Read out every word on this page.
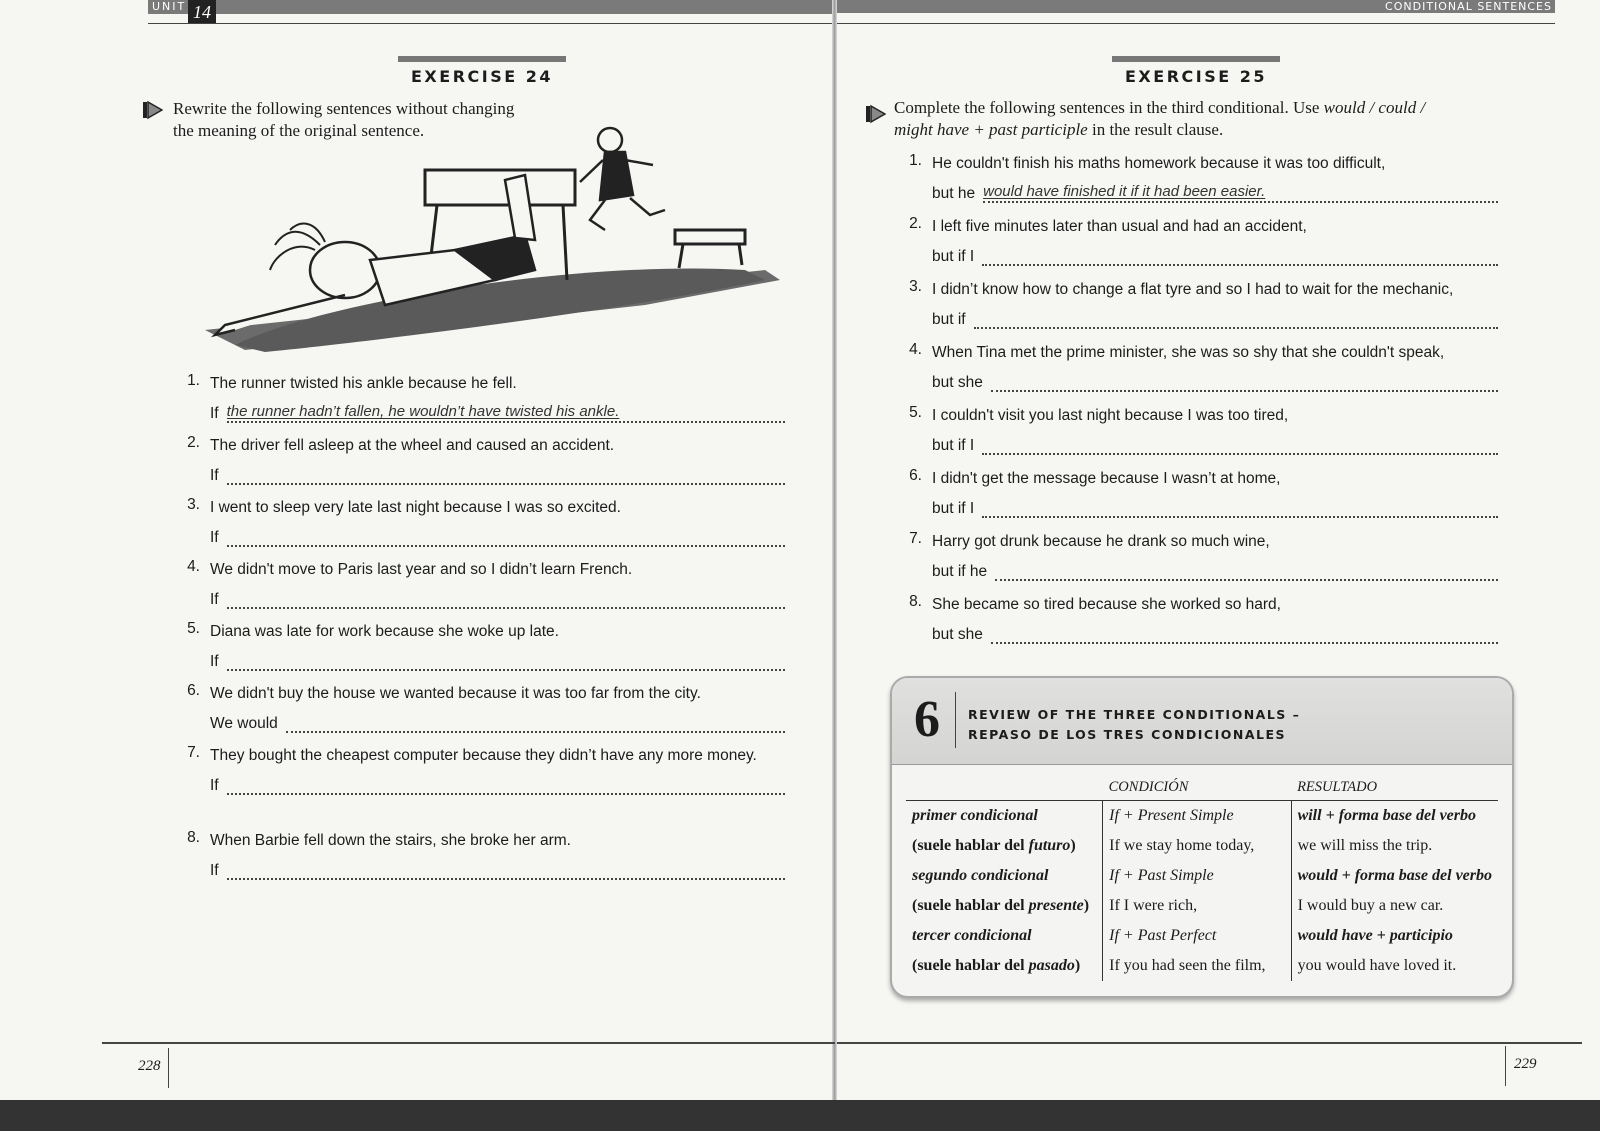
UNIT 14	CONDITIONAL SENTENCES
EXERCISE 24
Rewrite the following sentences without changing
the meaning of the original sentence.
1. The runner twisted his ankle because he fell.
If the runner hadn’t fallen, he wouldn’t have twisted his ankle.
2. The driver fell asleep at the wheel and caused an accident.
If
3. I went to sleep very late last night because I was so excited.
If
4. We didn't move to Paris last year and so I didn’t learn French.
If
5. Diana was late for work because she woke up late.
If
6. We didn't buy the house we wanted because it was too far from the city.
We would
7. They bought the cheapest computer because they didn’t have any more money.
If
8. When Barbie fell down the stairs, she broke her arm.
If
EXERCISE 25
Complete the following sentences in the third conditional. Use would / could /
might have + past participle in the result clause.
1. He couldn't finish his maths homework because it was too difficult,
but he would have finished it if it had been easier.
2. I left five minutes later than usual and had an accident,
but if I
3. I didn’t know how to change a flat tyre and so I had to wait for the mechanic,
but if
4. When Tina met the prime minister, she was so shy that she couldn't speak,
but she
5. I couldn't visit you last night because I was too tired,
but if I
6. I didn't get the message because I wasn’t at home,
but if I
7. Harry got drunk because he drank so much wine,
but if he
8. She became so tired because she worked so hard,
but she
6 REVIEW OF THE THREE CONDITIONALS –
REPASO DE LOS TRES CONDICIONALES
	CONDICIÓN	RESULTADO
primer condicional	If + Present Simple	will + forma base del verbo
(suele hablar del futuro)	If we stay home today,	we will miss the trip.
segundo condicional	If + Past Simple	would + forma base del verbo
(suele hablar del presente)	If I were rich,	I would buy a new car.
tercer condicional	If + Past Perfect	would have + participio
(suele hablar del pasado)	If you had seen the film,	you would have loved it.
228	229
